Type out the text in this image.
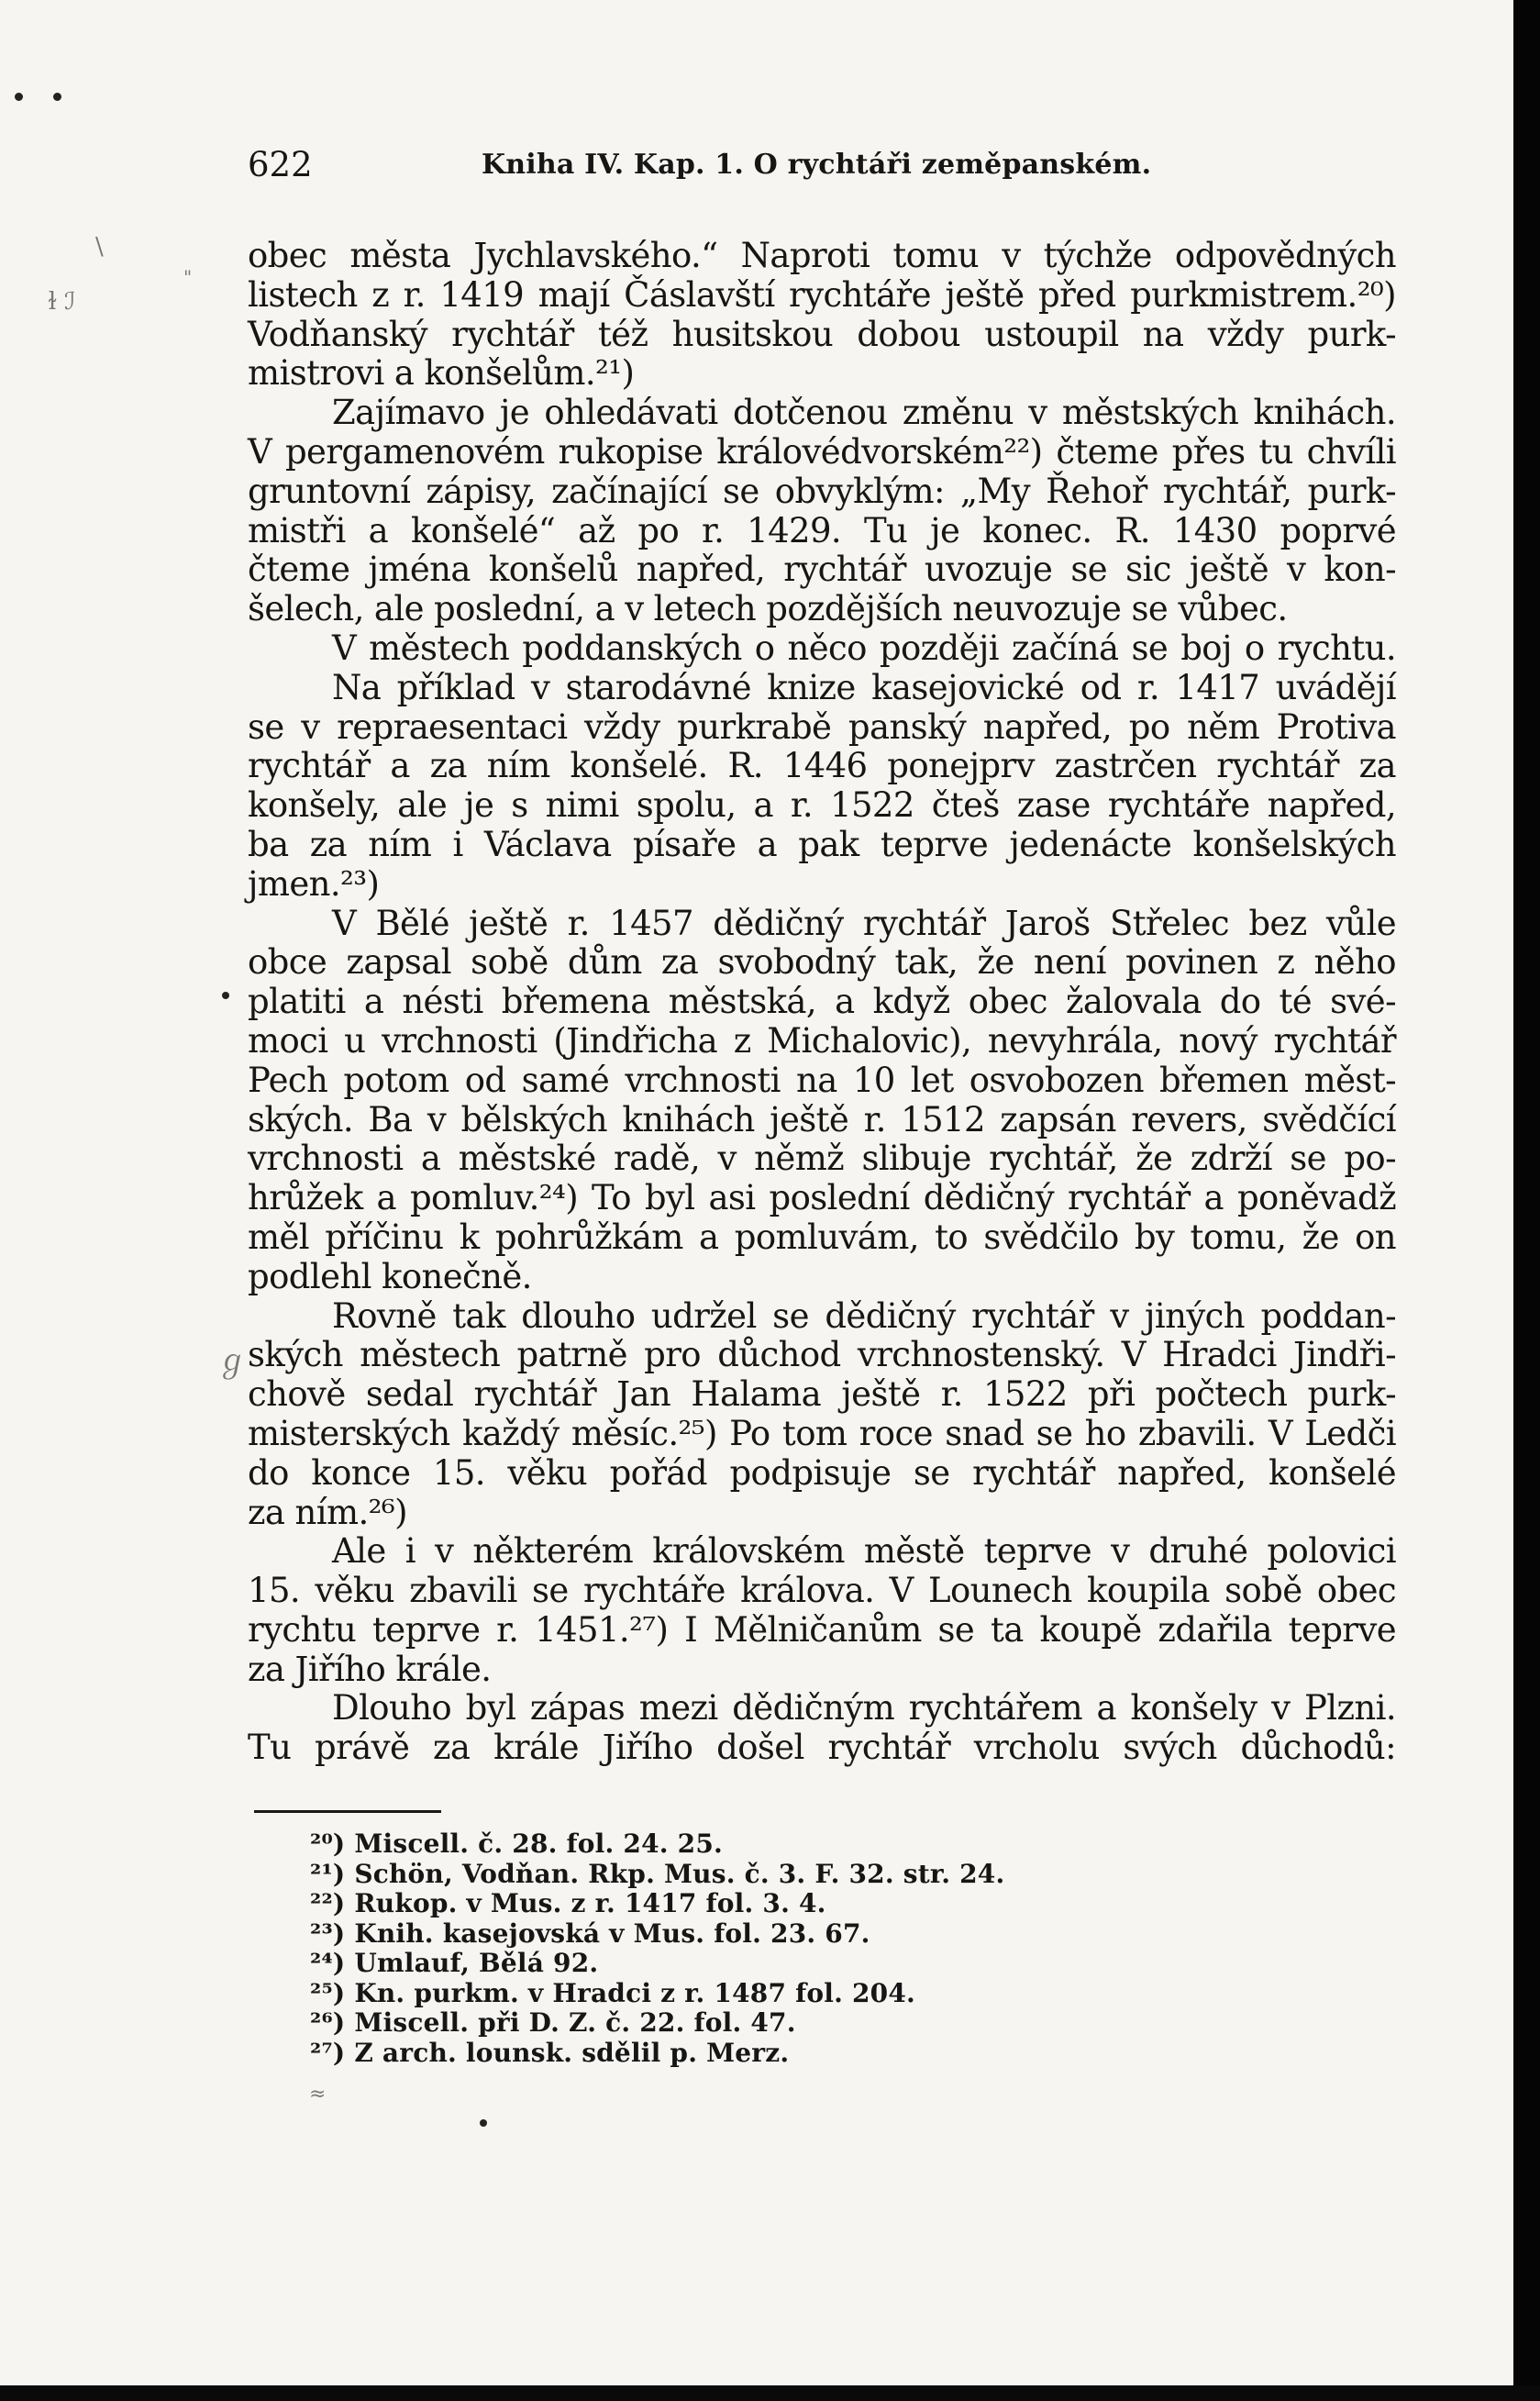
\
"
ɫ ℐ
ℊ
≈
622	Kniha IV. Kap. 1. O rychtáři zeměpanském.
obec města Jychlavského.“ Naproti tomu v týchže odpovědných
listech z r. 1419 mají Čáslavští rychtáře ještě před purkmistrem.²⁰)
Vodňanský rychtář též husitskou dobou ustoupil na vždy purk-
mistrovi a konšelům.²¹)
Zajímavo je ohledávati dotčenou změnu v městských knihách.
V pergamenovém rukopise královédvorském²²) čteme přes tu chvíli
gruntovní zápisy, začínající se obvyklým: „My Řehoř rychtář, purk-
mistři a konšelé“ až po r. 1429. Tu je konec. R. 1430 poprvé
čteme jména konšelů napřed, rychtář uvozuje se sic ještě v kon-
šelech, ale poslední, a v letech pozdějších neuvozuje se vůbec.
V městech poddanských o něco později začíná se boj o rychtu.
Na příklad v starodávné knize kasejovické od r. 1417 uvádějí
se v repraesentaci vždy purkrabě panský napřed, po něm Protiva
rychtář a za ním konšelé. R. 1446 ponejprv zastrčen rychtář za
konšely, ale je s nimi spolu, a r. 1522 čteš zase rychtáře napřed,
ba za ním i Václava písaře a pak teprve jedenácte konšelských
jmen.²³)
V Bělé ještě r. 1457 dědičný rychtář Jaroš Střelec bez vůle
obce zapsal sobě dům za svobodný tak, že není povinen z něho
platiti a nésti břemena městská, a když obec žalovala do té své-
moci u vrchnosti (Jindřicha z Michalovic), nevyhrála, nový rychtář
Pech potom od samé vrchnosti na 10 let osvobozen břemen měst-
ských. Ba v bělských knihách ještě r. 1512 zapsán revers, svědčící
vrchnosti a městské radě, v němž slibuje rychtář, že zdrží se po-
hrůžek a pomluv.²⁴) To byl asi poslední dědičný rychtář a poněvadž
měl příčinu k pohrůžkám a pomluvám, to svědčilo by tomu, že on
podlehl konečně.
Rovně tak dlouho udržel se dědičný rychtář v jiných poddan-
ských městech patrně pro důchod vrchnostenský. V Hradci Jindři-
chově sedal rychtář Jan Halama ještě r. 1522 při počtech purk-
misterských každý měsíc.²⁵) Po tom roce snad se ho zbavili. V Ledči
do konce 15. věku pořád podpisuje se rychtář napřed, konšelé
za ním.²⁶)
Ale i v některém královském městě teprve v druhé polovici
15. věku zbavili se rychtáře králova. V Lounech koupila sobě obec
rychtu teprve r. 1451.²⁷) I Mělničanům se ta koupě zdařila teprve
za Jiřího krále.
Dlouho byl zápas mezi dědičným rychtářem a konšely v Plzni.
Tu právě za krále Jiřího došel rychtář vrcholu svých důchodů:
²⁰) Miscell. č. 28. fol. 24. 25.
²¹) Schön, Vodňan. Rkp. Mus. č. 3. F. 32. str. 24.
²²) Rukop. v Mus. z r. 1417 fol. 3. 4.
²³) Knih. kasejovská v Mus. fol. 23. 67.
²⁴) Umlauf, Bělá 92.
²⁵) Kn. purkm. v Hradci z r. 1487 fol. 204.
²⁶) Miscell. při D. Z. č. 22. fol. 47.
²⁷) Z arch. lounsk. sdělil p. Merz.
